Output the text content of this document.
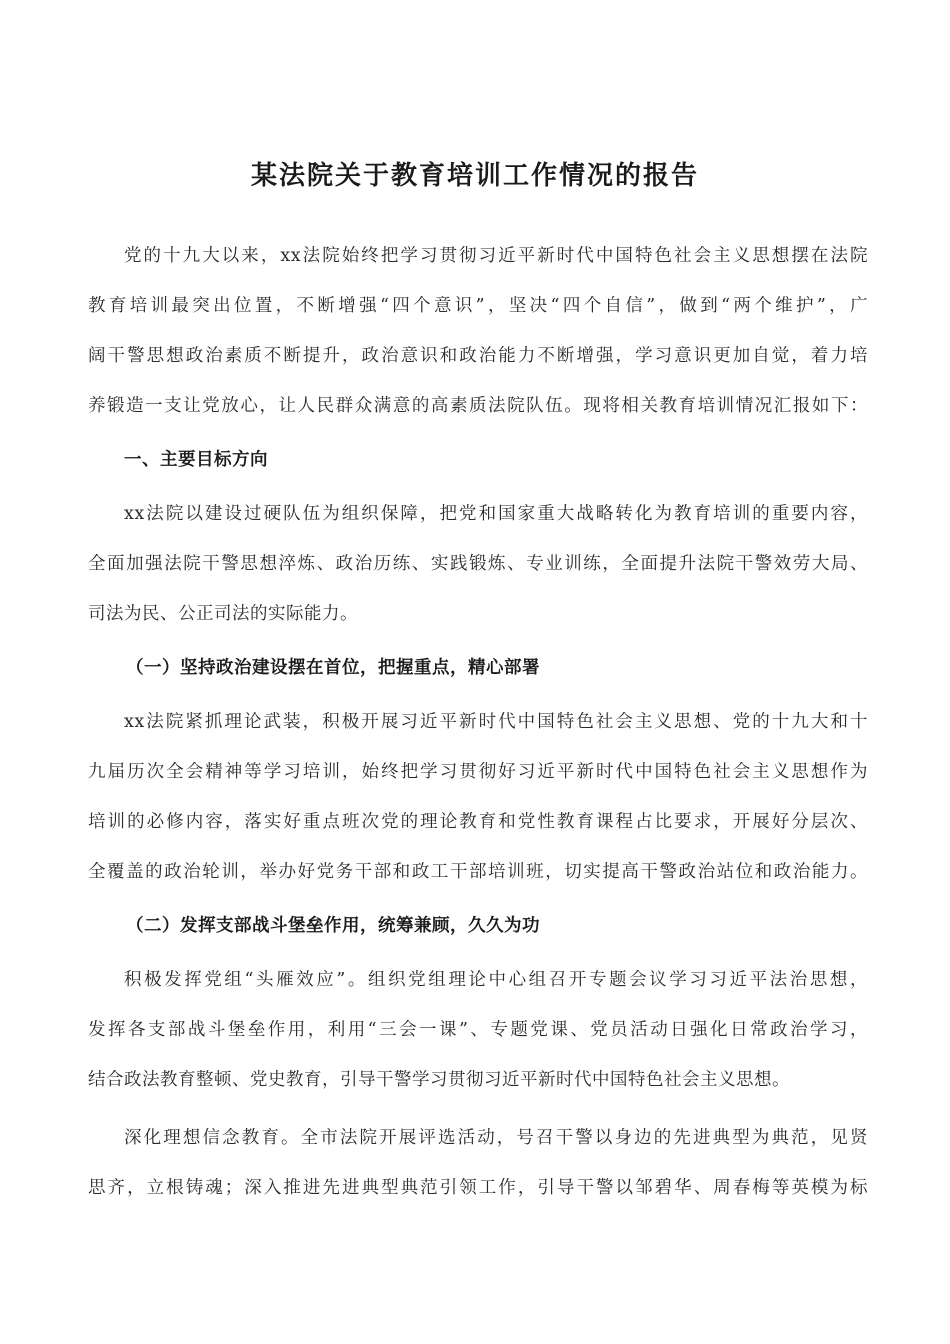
某法院关于教育培训工作情况的报告
党的十九大以来，xx法院始终把学习贯彻习近平新时代中国特色社会主义思想摆在法院
教育培训最突出位置，不断增强“四个意识”，坚决“四个自信”，做到“两个维护”，广
阔干警思想政治素质不断提升，政治意识和政治能力不断增强，学习意识更加自觉，着力培
养锻造一支让党放心，让人民群众满意的高素质法院队伍。现将相关教育培训情况汇报如下：
一、主要目标方向
xx法院以建设过硬队伍为组织保障，把党和国家重大战略转化为教育培训的重要内容，
全面加强法院干警思想淬炼、政治历练、实践锻炼、专业训练，全面提升法院干警效劳大局、
司法为民、公正司法的实际能力。
（一）坚持政治建设摆在首位，把握重点，精心部署
xx法院紧抓理论武装，积极开展习近平新时代中国特色社会主义思想、党的十九大和十
九届历次全会精神等学习培训，始终把学习贯彻好习近平新时代中国特色社会主义思想作为
培训的必修内容，落实好重点班次党的理论教育和党性教育课程占比要求，开展好分层次、
全覆盖的政治轮训，举办好党务干部和政工干部培训班，切实提高干警政治站位和政治能力。
（二）发挥支部战斗堡垒作用，统筹兼顾，久久为功
积极发挥党组“头雁效应”。组织党组理论中心组召开专题会议学习习近平法治思想，
发挥各支部战斗堡垒作用，利用“三会一课”、专题党课、党员活动日强化日常政治学习，
结合政法教育整顿、党史教育，引导干警学习贯彻习近平新时代中国特色社会主义思想。
深化理想信念教育。全市法院开展评选活动，号召干警以身边的先进典型为典范，见贤
思齐，立根铸魂；深入推进先进典型典范引领工作，引导干警以邹碧华、周春梅等英模为标
